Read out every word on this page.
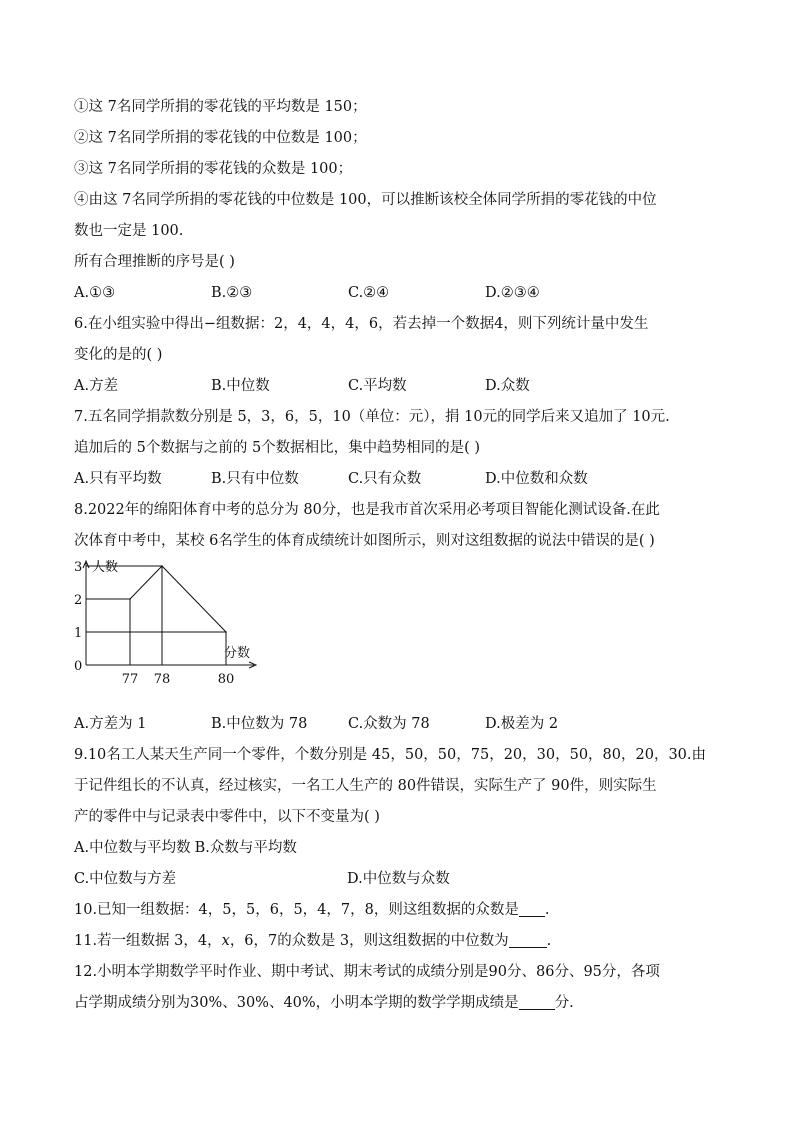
①这 7名同学所捐的零花钱的平均数是 150；
②这 7名同学所捐的零花钱的中位数是 100；
③这 7名同学所捐的零花钱的众数是 100；
④由这 7名同学所捐的零花钱的中位数是 100，可以推断该校全体同学所捐的零花钱的中位
数也一定是 100.
所有合理推断的序号是( )
A.①③	B.②③	C.②④	D.②③④
6.在小组实验中得出−组数据：2，4，4，4，6，若去掉一个数据4，则下列统计量中发生
变化的是的( )
A.方差	B.中位数	C.平均数	D.众数
7.五名同学捐款数分别是 5，3，6，5，10（单位：元），捐 10元的同学后来又追加了 10元.
追加后的 5个数据与之前的 5个数据相比，集中趋势相同的是( )
A.只有平均数	B.只有中位数	C.只有众数	D.中位数和众数
8.2022年的绵阳体育中考的总分为 80分，也是我市首次采用必考项目智能化测试设备.在此
次体育中考中，某校 6名学生的体育成绩统计如图所示，则对这组数据的说法中错误的是( )
1
2
3
77 78	80
0
人数
分数
A.方差为 1	B.中位数为 78	C.众数为 78	D.极差为 2
9.10名工人某天生产同一个零件，个数分别是 45，50，50，75，20，30，50，80，20，30.由
于记件组长的不认真，经过核实，一名工人生产的 80件错误，实际生产了 90件，则实际生
产的零件中与记录表中零件中，以下不变量为( )
A.中位数与平均数 B.众数与平均数
C.中位数与方差	D.中位数与众数
10.已知一组数据：4，5，5，6，5，4，7，8，则这组数据的众数是 .
11.若一组数据 3，4，x，6，7的众数是 3，则这组数据的中位数为	.
12.小明本学期数学平时作业、期中考试、期末考试的成绩分别是90分、86分、95分，各项
占学期成绩分别为30%、30%、40%，小明本学期的数学学期成绩是 分.
